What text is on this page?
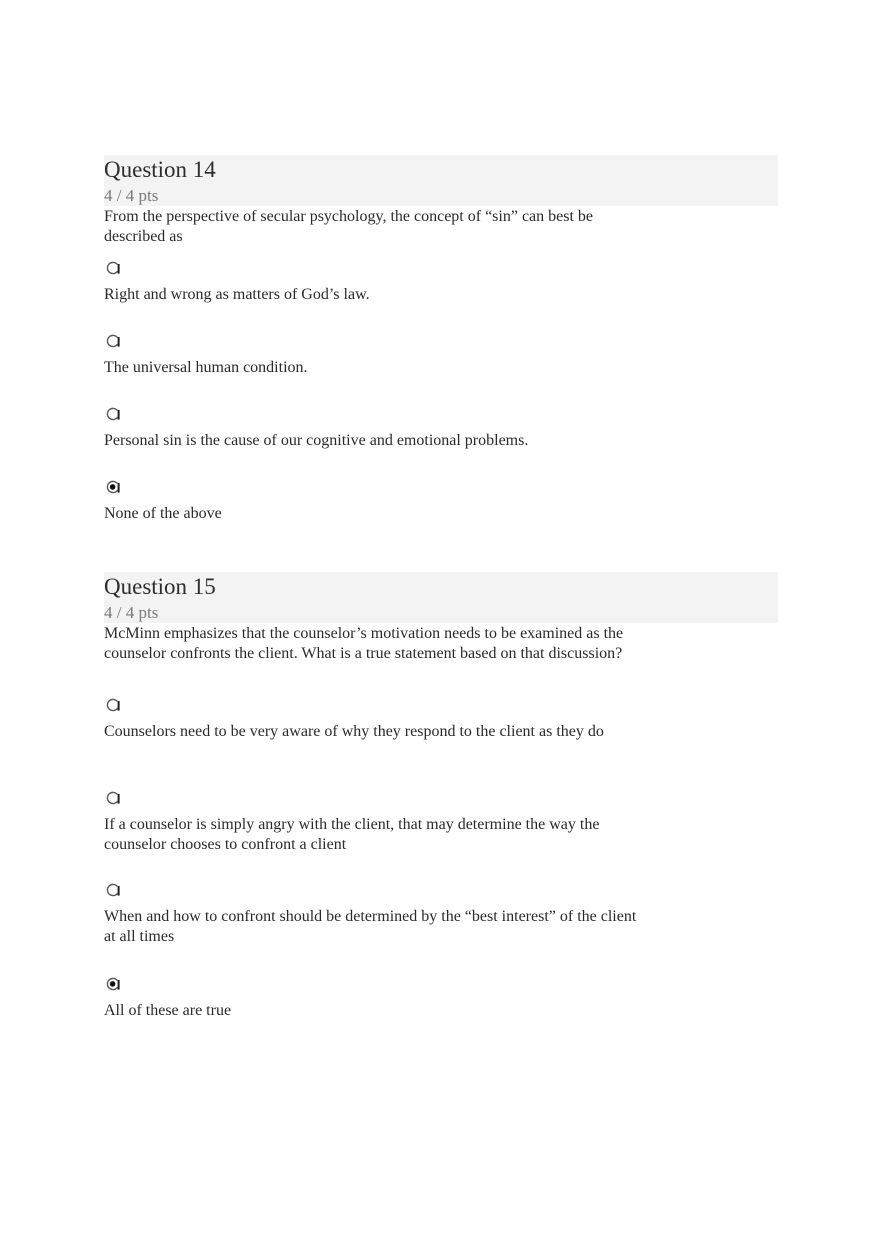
Question 14
4 / 4 pts
From the perspective of secular psychology, the concept of “sin” can best be described as
Right and wrong as matters of God’s law.
The universal human condition.
Personal sin is the cause of our cognitive and emotional problems.
None of the above
Question 15
4 / 4 pts
McMinn emphasizes that the counselor’s motivation needs to be examined as the counselor confronts the client. What is a true statement based on that discussion?
Counselors need to be very aware of why they respond to the client as they do
If a counselor is simply angry with the client, that may determine the way the counselor chooses to confront a client
When and how to confront should be determined by the “best interest” of the client at all times
All of these are true
